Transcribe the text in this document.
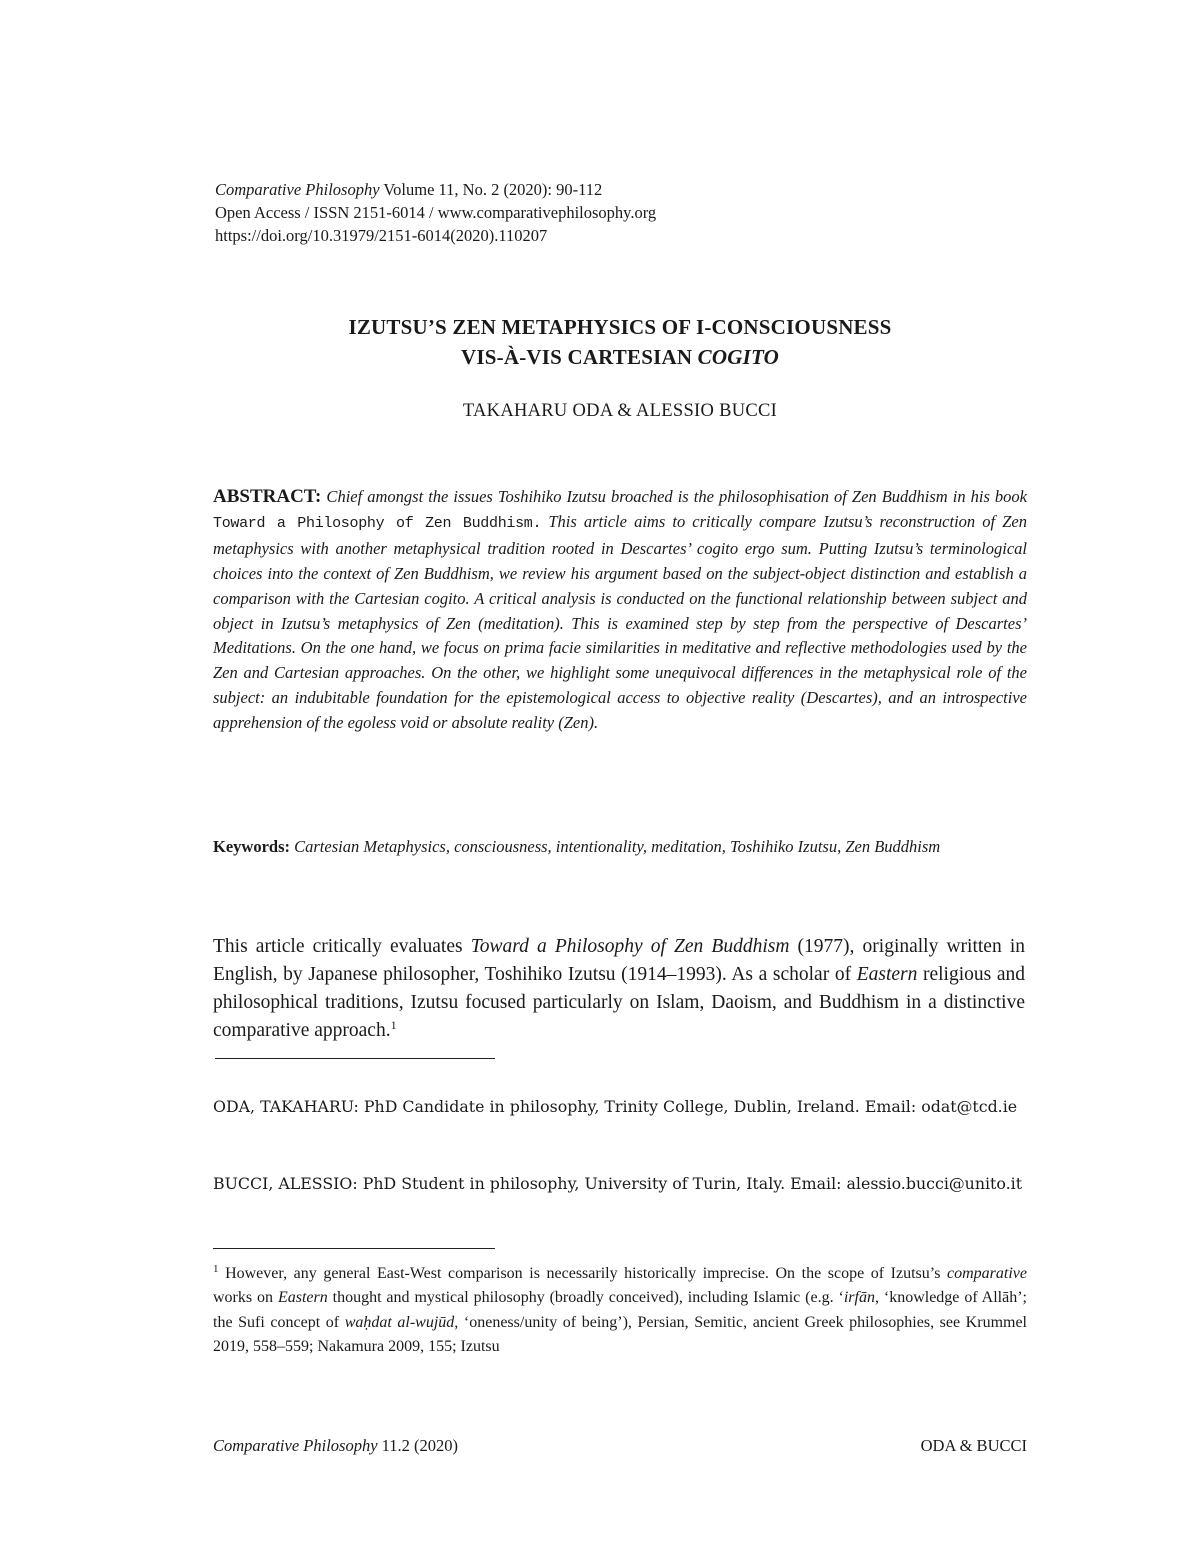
Comparative Philosophy Volume 11, No. 2 (2020): 90-112
Open Access / ISSN 2151-6014 / www.comparativephilosophy.org
https://doi.org/10.31979/2151-6014(2020).110207
IZUTSU’S ZEN METAPHYSICS OF I-CONSCIOUSNESS
VIS-À-VIS CARTESIAN COGITO
TAKAHARU ODA & ALESSIO BUCCI
ABSTRACT: Chief amongst the issues Toshihiko Izutsu broached is the philosophisation of Zen Buddhism in his book Toward a Philosophy of Zen Buddhism. This article aims to critically compare Izutsu’s reconstruction of Zen metaphysics with another metaphysical tradition rooted in Descartes’ cogito ergo sum. Putting Izutsu’s terminological choices into the context of Zen Buddhism, we review his argument based on the subject-object distinction and establish a comparison with the Cartesian cogito. A critical analysis is conducted on the functional relationship between subject and object in Izutsu’s metaphysics of Zen (meditation). This is examined step by step from the perspective of Descartes’ Meditations. On the one hand, we focus on prima facie similarities in meditative and reflective methodologies used by the Zen and Cartesian approaches. On the other, we highlight some unequivocal differences in the metaphysical role of the subject: an indubitable foundation for the epistemological access to objective reality (Descartes), and an introspective apprehension of the egoless void or absolute reality (Zen).
Keywords: Cartesian Metaphysics, consciousness, intentionality, meditation, Toshihiko Izutsu, Zen Buddhism
This article critically evaluates Toward a Philosophy of Zen Buddhism (1977), originally written in English, by Japanese philosopher, Toshihiko Izutsu (1914–1993). As a scholar of Eastern religious and philosophical traditions, Izutsu focused particularly on Islam, Daoism, and Buddhism in a distinctive comparative approach.$^1$
ODA, TAKAHARU: PhD Candidate in philosophy, Trinity College, Dublin, Ireland. Email: odat@tcd.ie
BUCCI, ALESSIO: PhD Student in philosophy, University of Turin, Italy. Email: alessio.bucci@unito.it
$^1$ However, any general East-West comparison is necessarily historically imprecise. On the scope of Izutsu’s comparative works on Eastern thought and mystical philosophy (broadly conceived), including Islamic (e.g. ‘irfān, ‘knowledge of Allāh’; the Sufi concept of waḥdat al-wujūd, ‘oneness/unity of being’), Persian, Semitic, ancient Greek philosophies, see Krummel 2019, 558–559; Nakamura 2009, 155; Izutsu
Comparative Philosophy 11.2 (2020)	ODA & BUCCI
